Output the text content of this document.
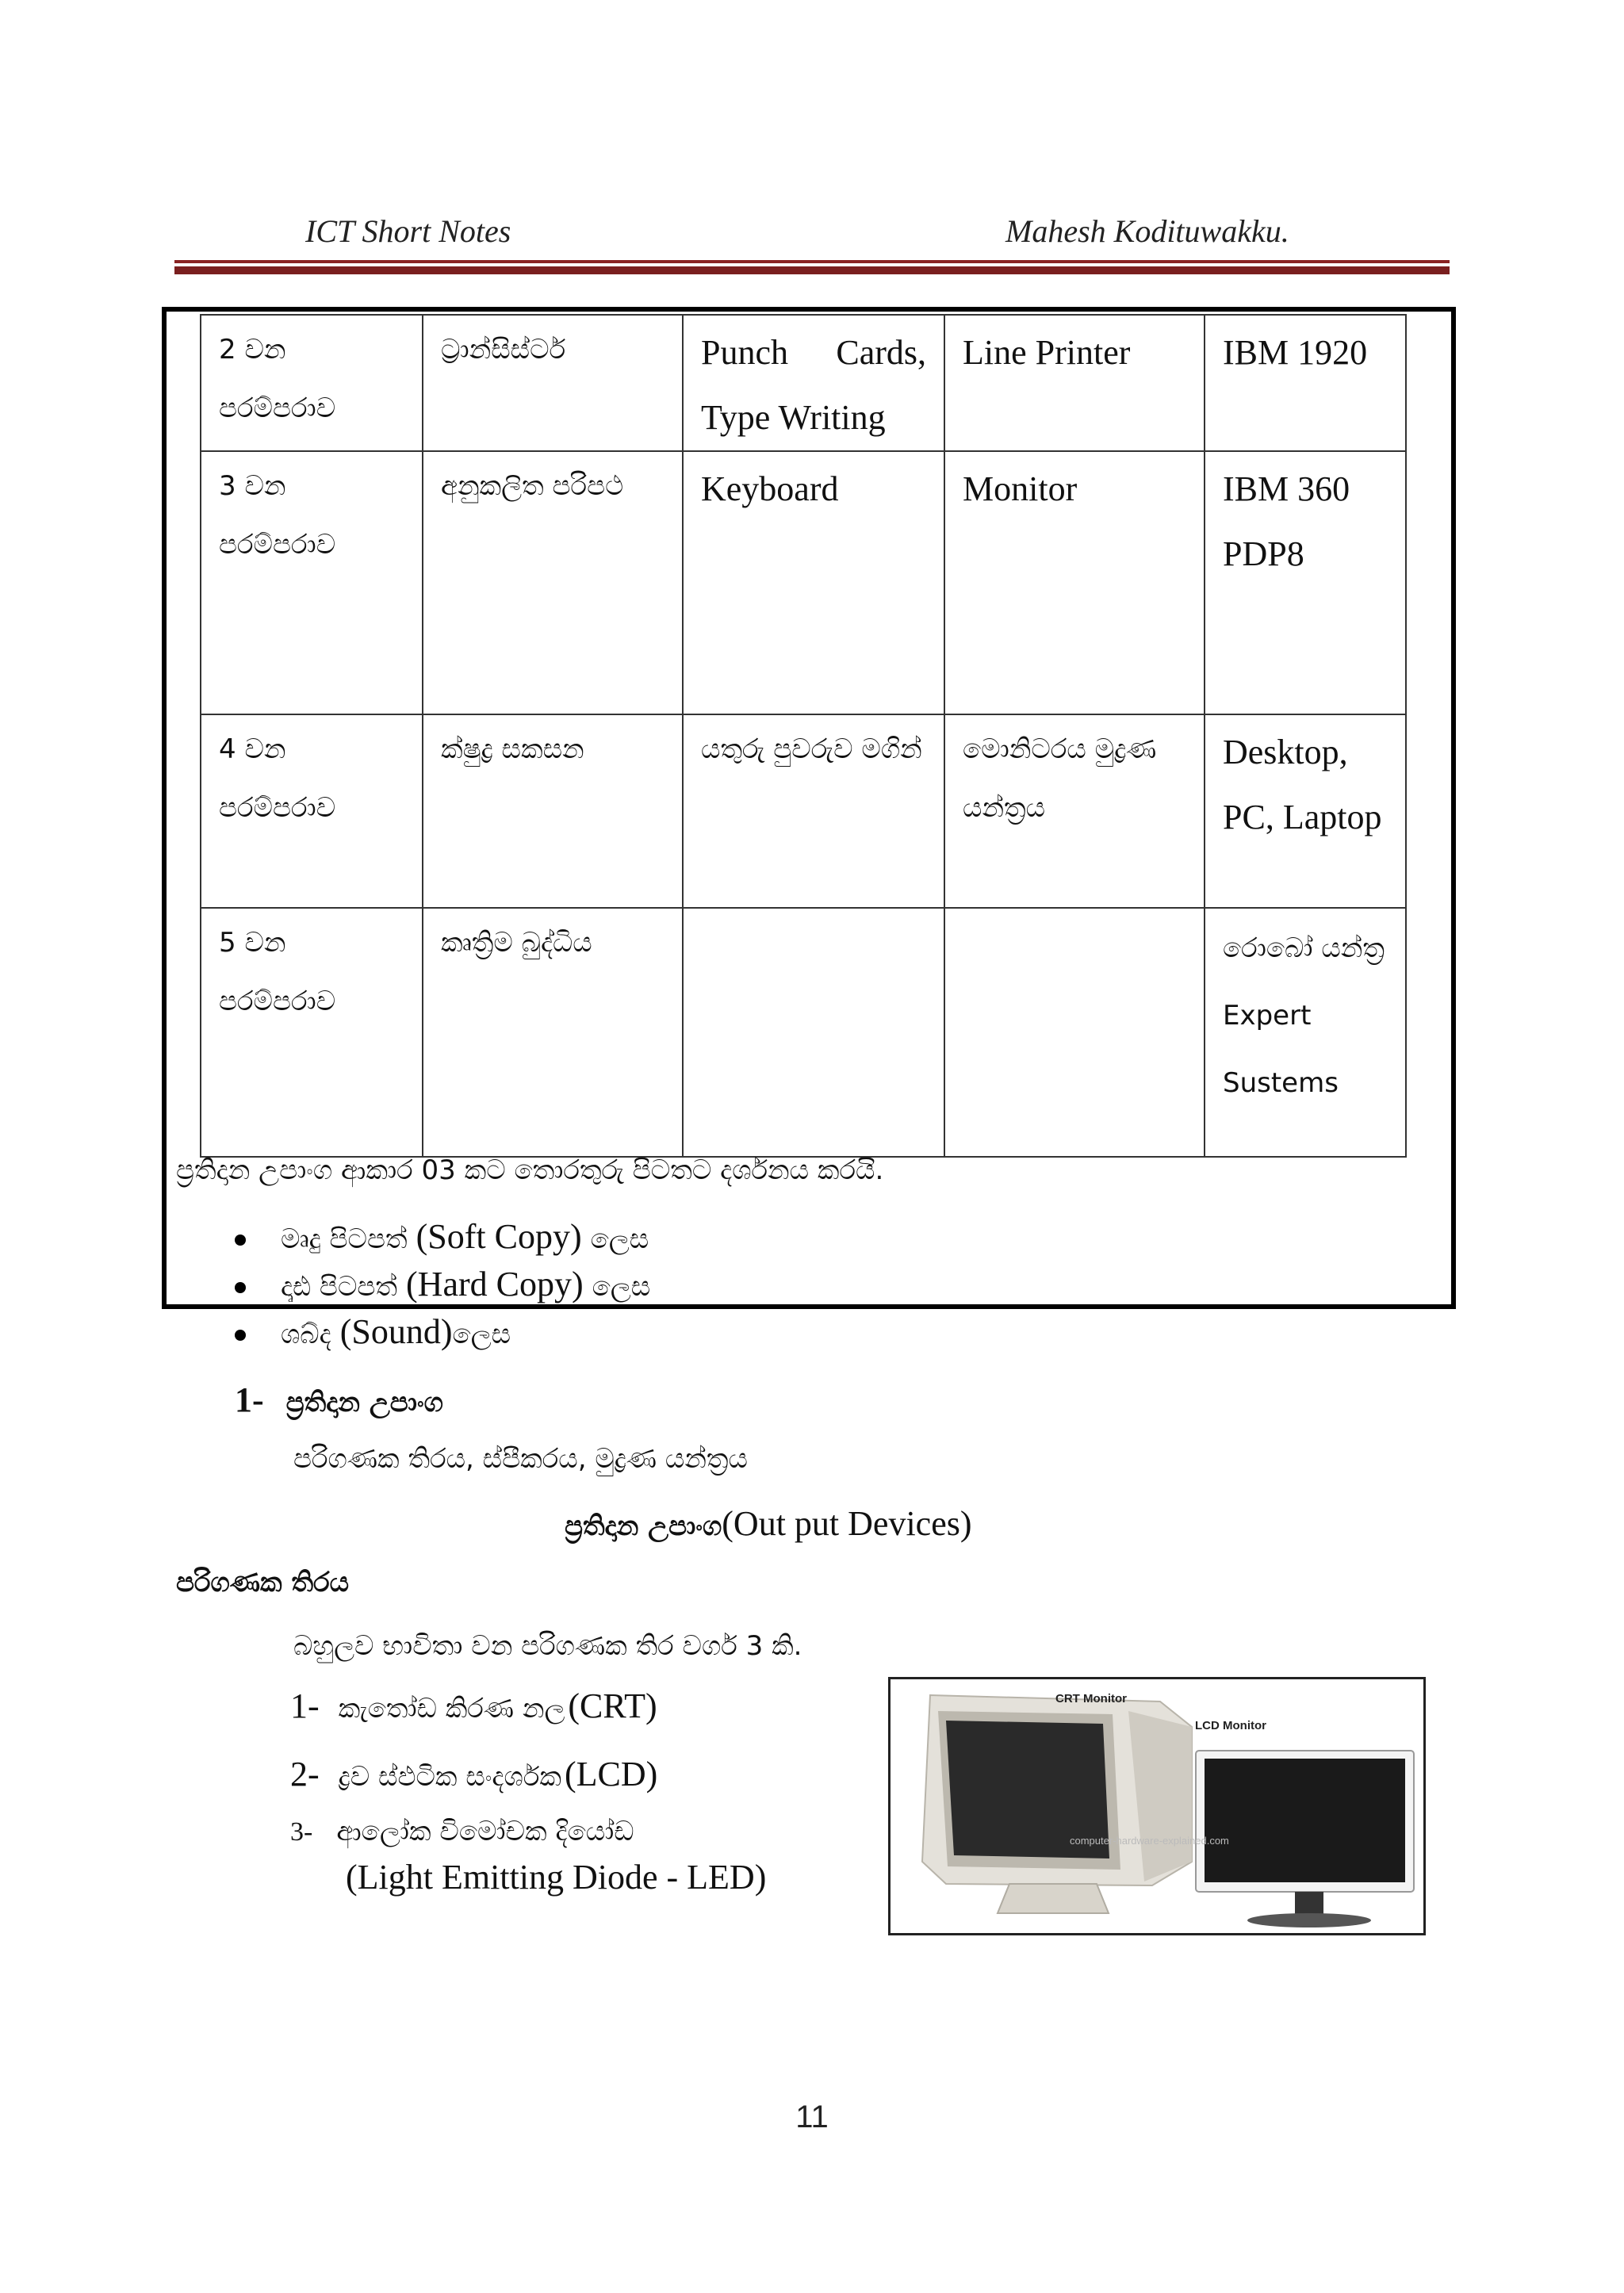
ICT Short Notes	Mahesh Kodituwakku.
2 වන පරම්පරාව	ට්‍රාන්සිස්ටර්	Punch Cards, Type Writing	Line Printer	IBM 1920
3 වන පරම්පරාව	අනුකලිත පරිපථ	Keyboard	Monitor	IBM 360 PDP8
4 වන පරම්පරාව	ක්ෂුද්‍ර සකසන	යතුරු පුවරුව මගින්	මොනිටරය මුද්‍රණ යන්ත්‍රය	Desktop, PC, Laptop
5 වන පරම්පරාව	කෘත්‍රිම බුද්ධිය			රොබෝ යන්ත්‍ර Expert Sustems
ප්‍රතිදාන උපාංග ආකාර 03 කට තොරතුරු පිටතට දර්ශනය කරයි.
මෘදු පිටපත් (Soft Copy) ලෙස
දෘඪ පිටපත් (Hard Copy) ලෙස
ශබ්ද (Sound)ලෙස
1- ප්‍රතිදාන උපාංග
පරිගණක තිරය, ස්පීකරය, මුද්‍රණ යන්ත්‍රය
ප්‍රතිදාන උපාංග(Out put Devices)
පරිගණක තිරය
බහුලව භාවිතා වන පරිගණක තිර වර්ග 3 කි.
1- කැතෝඩ කිරණ නල (CRT)
2- ද්‍රව ස්ඵටික සංදර්ශක (LCD)
3- ආලෝක විමෝචක දියෝඩ
(Light Emitting Diode - LED)
CRT Monitor
LCD Monitor
computer-hardware-explained.com
11
